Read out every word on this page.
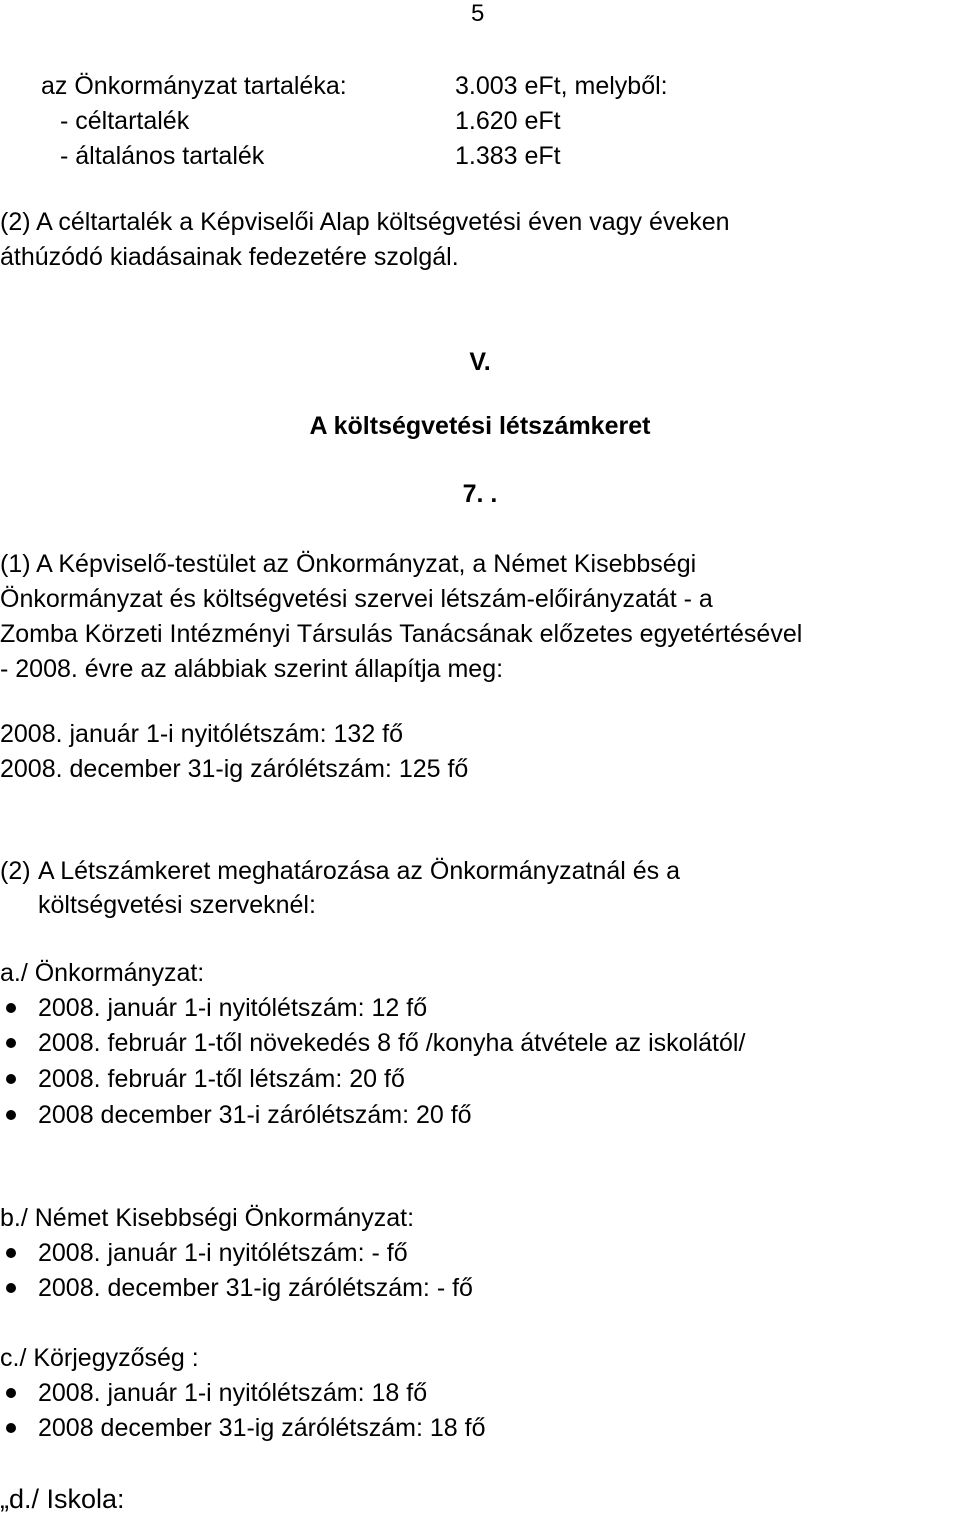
5
az Önkormányzat tartaléka:	3.003 eFt, melyből:
- céltartalék	1.620 eFt
- általános tartalék	1.383 eFt
(2) A céltartalék a Képviselői Alap költségvetési éven vagy éveken
áthúzódó kiadásainak fedezetére szolgál.
V.
A költségvetési létszámkeret
7. .
(1) A Képviselő-testület az Önkormányzat, a Német Kisebbségi
Önkormányzat és költségvetési szervei létszám-előirányzatát - a
Zomba Körzeti Intézményi Társulás Tanácsának előzetes egyetértésével
- 2008. évre az alábbiak szerint állapítja meg:
2008. január 1-i nyitólétszám: 132 fő
2008. december 31-ig zárólétszám: 125 fő
(2) A Létszámkeret meghatározása az Önkormányzatnál és a
költségvetési szerveknél:
a./ Önkormányzat:
2008. január 1-i nyitólétszám: 12 fő
2008. február 1-től növekedés 8 fő /konyha átvétele az iskolától/
2008. február 1-től létszám: 20 fő
2008 december 31-i zárólétszám: 20 fő
b./ Német Kisebbségi Önkormányzat:
2008. január 1-i nyitólétszám: - fő
2008. december 31-ig zárólétszám: - fő
c./ Körjegyzőség :
2008. január 1-i nyitólétszám: 18 fő
2008 december 31-ig zárólétszám: 18 fő
„d./ Iskola:
